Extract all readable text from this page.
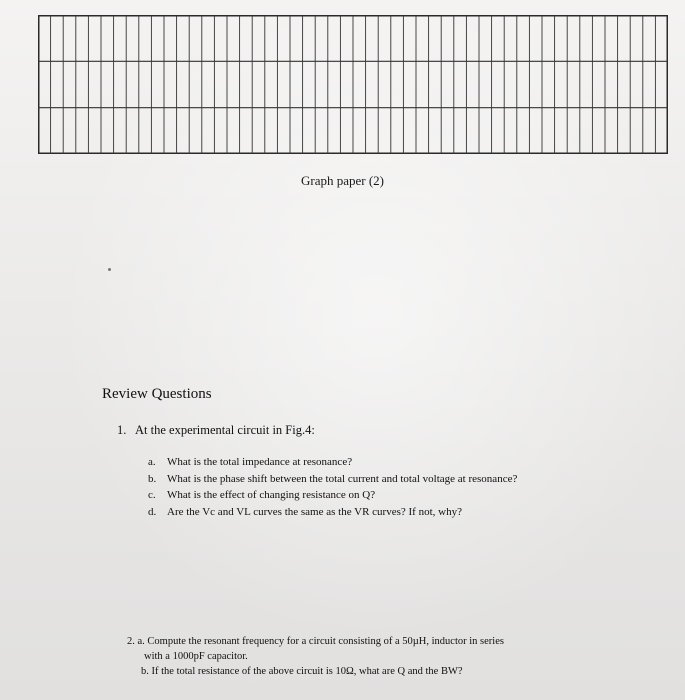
Graph paper (2)
Review Questions
1. At the experimental circuit in Fig.4:
a. What is the total impedance at resonance?
b. What is the phase shift between the total current and total voltage at resonance?
c. What is the effect of changing resistance on Q?
d. Are the Vc and VL curves the same as the VR curves? If not, why?
2. a. Compute the resonant frequency for a circuit consisting of a 50µH, inductor in series
with a 1000pF capacitor.
b. If the total resistance of the above circuit is 10Ω, what are Q and the BW?
